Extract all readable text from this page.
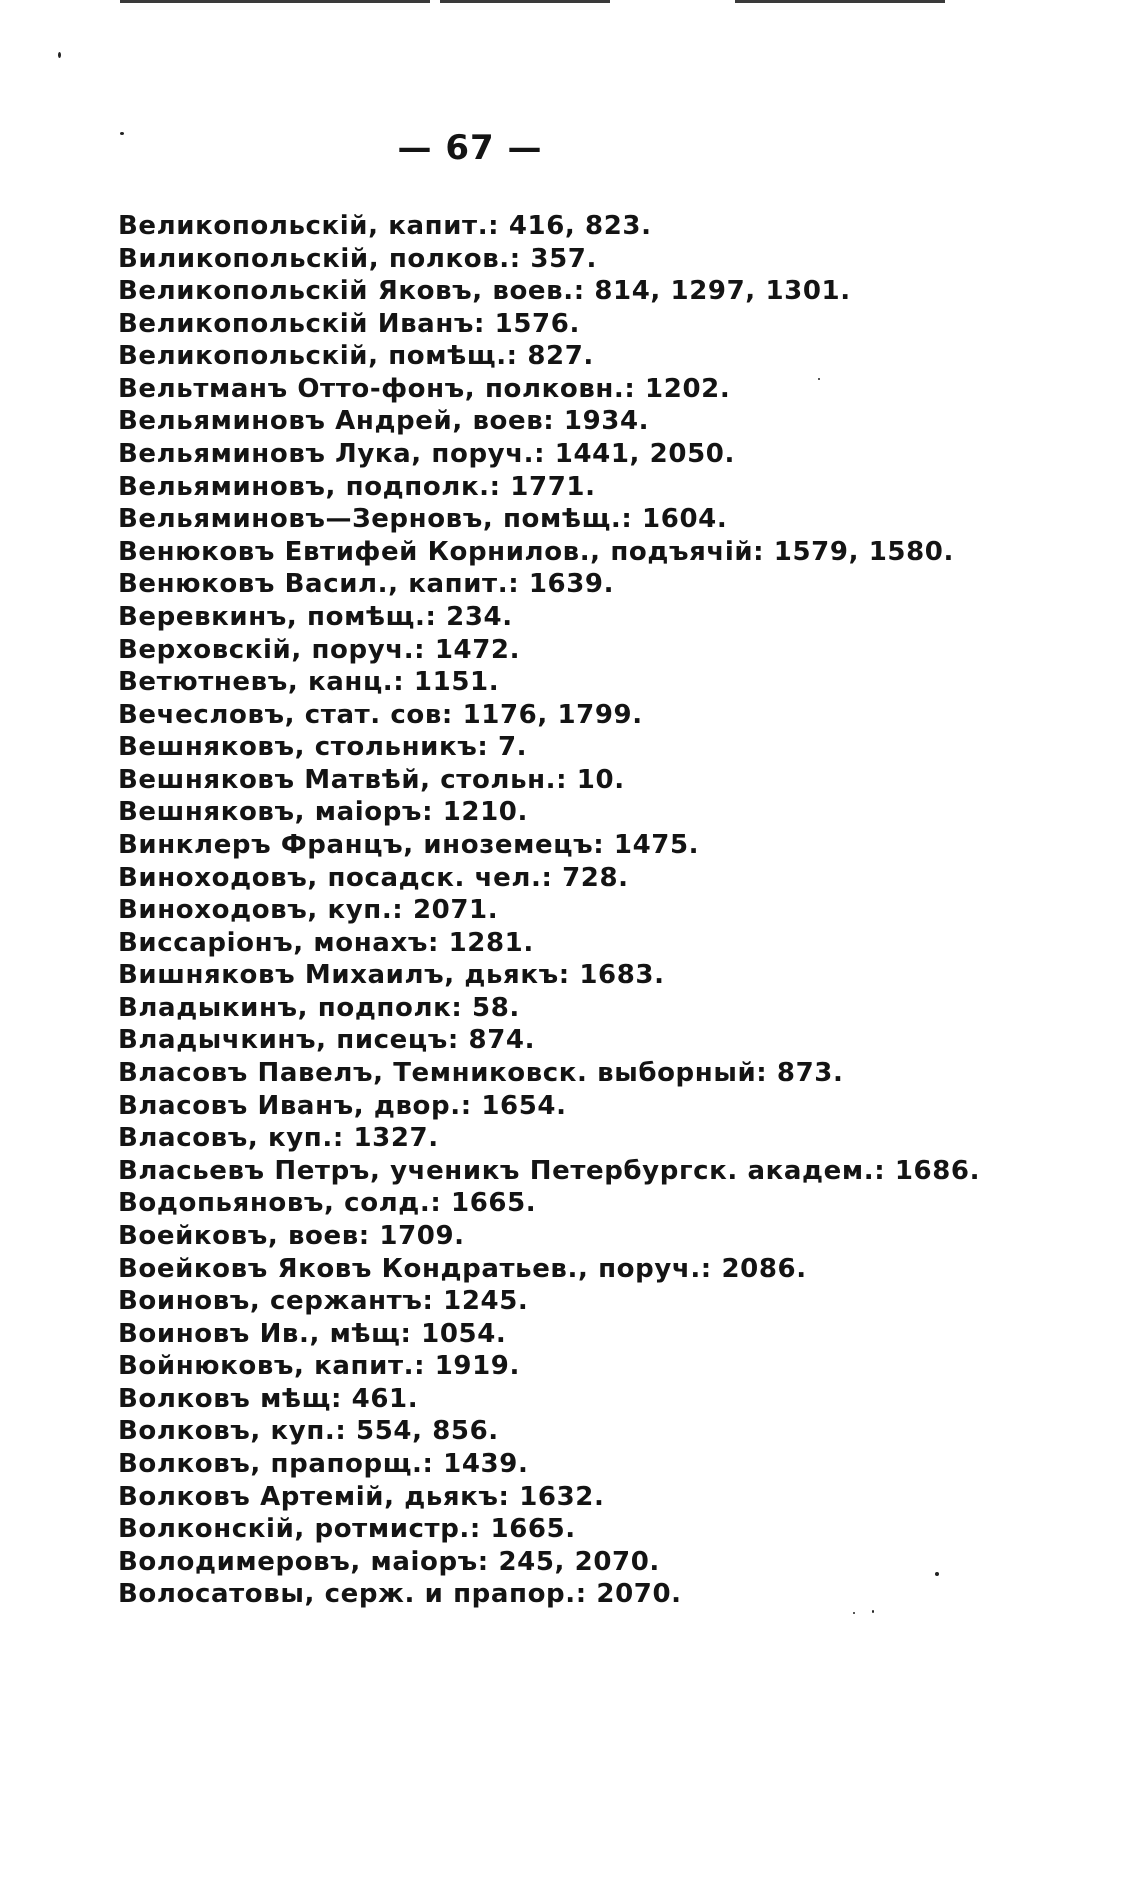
— 67 —
Великопольскій, капит.: 416, 823.
Виликопольскій, полков.: 357.
Великопольскій Яковъ, воев.: 814, 1297, 1301.
Великопольскій Иванъ: 1576.
Великопольскій, помѣщ.: 827.
Вельтманъ Отто-фонъ, полковн.: 1202.
Вельяминовъ Андрей, воев: 1934.
Вельяминовъ Лука, поруч.: 1441, 2050.
Вельяминовъ, подполк.: 1771.
Вельяминовъ—Зерновъ, помѣщ.: 1604.
Венюковъ Евтифей Корнилов., подъячій: 1579, 1580.
Венюковъ Васил., капит.: 1639.
Веревкинъ, помѣщ.: 234.
Верховскій, поруч.: 1472.
Ветютневъ, канц.: 1151.
Вечесловъ, стат. сов: 1176, 1799.
Вешняковъ, стольникъ: 7.
Вешняковъ Матвѣй, стольн.: 10.
Вешняковъ, маіоръ: 1210.
Винклеръ Францъ, иноземецъ: 1475.
Виноходовъ, посадск. чел.: 728.
Виноходовъ, куп.: 2071.
Виссаріонъ, монахъ: 1281.
Вишняковъ Михаилъ, дьякъ: 1683.
Владыкинъ, подполк: 58.
Владычкинъ, писецъ: 874.
Власовъ Павелъ, Темниковск. выборный: 873.
Власовъ Иванъ, двор.: 1654.
Власовъ, куп.: 1327.
Власьевъ Петръ, ученикъ Петербургск. академ.: 1686.
Водопьяновъ, солд.: 1665.
Воейковъ, воев: 1709.
Воейковъ Яковъ Кондратьев., поруч.: 2086.
Воиновъ, сержантъ: 1245.
Воиновъ Ив., мѣщ: 1054.
Войнюковъ, капит.: 1919.
Волковъ мѣщ: 461.
Волковъ, куп.: 554, 856.
Волковъ, прапорщ.: 1439.
Волковъ Артемій, дьякъ: 1632.
Волконскій, ротмистр.: 1665.
Володимеровъ, маіоръ: 245, 2070.
Волосатовы, серж. и прапор.: 2070.
